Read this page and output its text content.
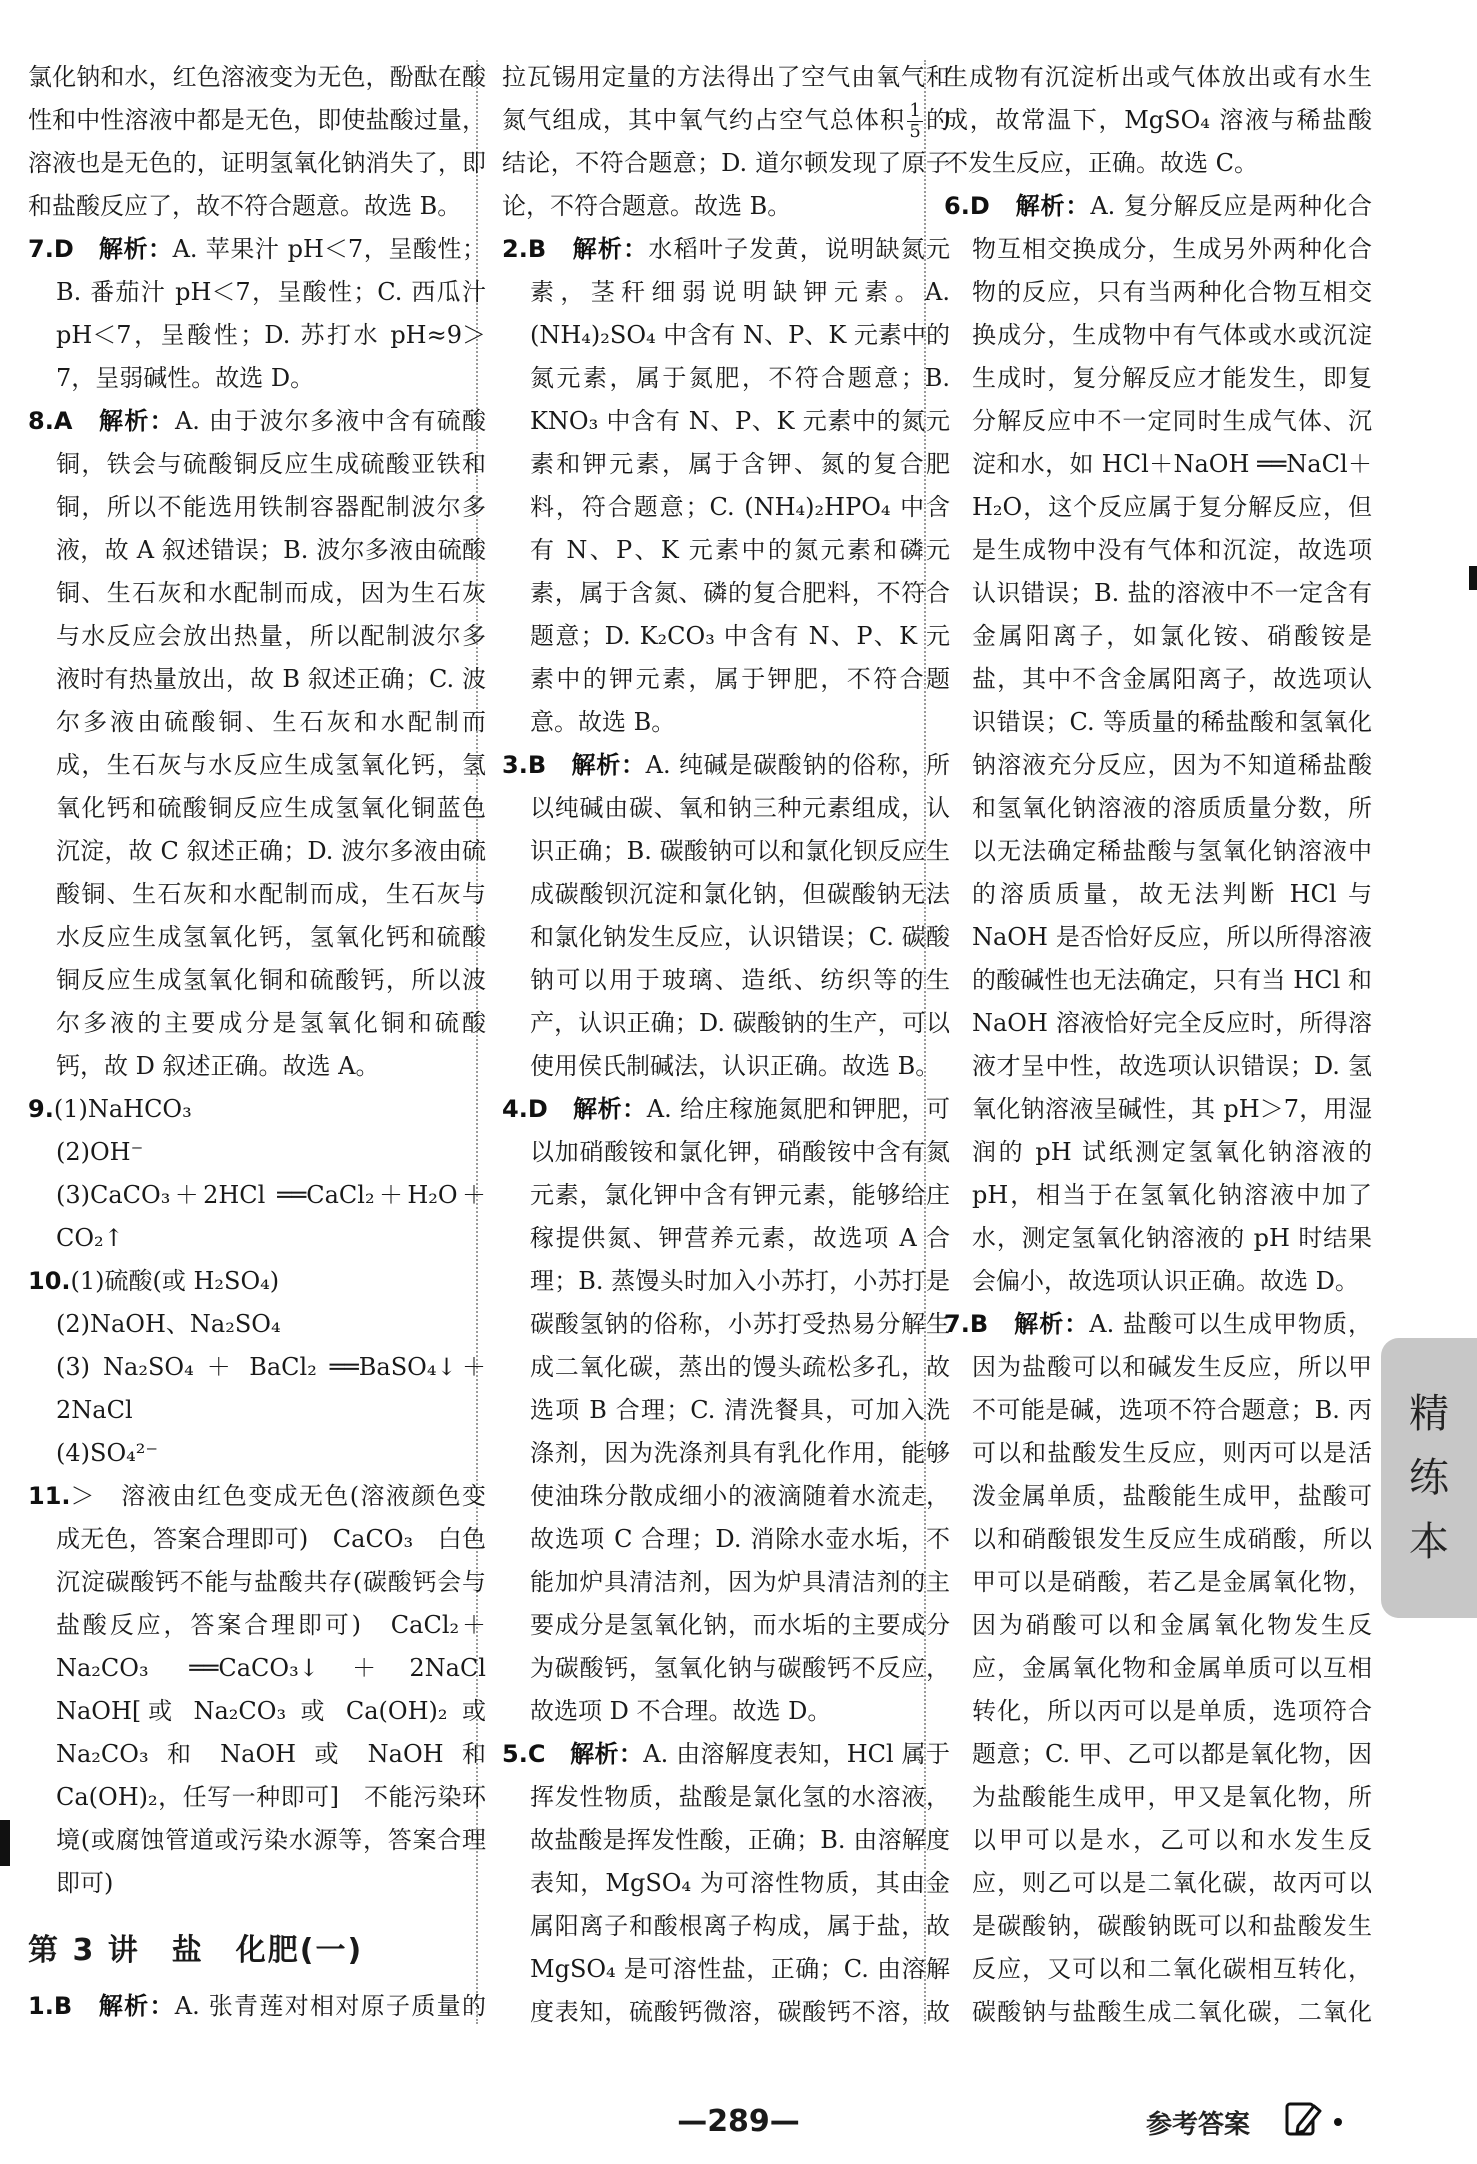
氯化钠和水，红色溶液变为无色，酚酞在酸性和中性溶液中都是无色，即使盐酸过量，溶液也是无色的，证明氢氧化钠消失了，即和盐酸反应了，故不符合题意。故选 B。

7.D　 解析：A. 苹果汁 pH＜7，呈酸性；B. 番茄汁 pH＜7，呈酸性；C. 西瓜汁 pH＜7，呈酸性；D. 苏打水 pH≈9＞7，呈弱碱性。故选 D。

8.A　 解析：A. 由于波尔多液中含有硫酸铜，铁会与硫酸铜反应生成硫酸亚铁和铜，所以不能选用铁制容器配制波尔多液，故 A 叙述错误；B. 波尔多液由硫酸铜、生石灰和水配制而成，因为生石灰与水反应会放出热量，所以配制波尔多液时有热量放出，故 B 叙述正确；C. 波尔多液由硫酸铜、生石灰和水配制而成，生石灰与水反应生成氢氧化钙，氢氧化钙和硫酸铜反应生成氢氧化铜蓝色沉淀，故 C 叙述正确；D. 波尔多液由硫酸铜、生石灰和水配制而成，生石灰与水反应生成氢氧化钙，氢氧化钙和硫酸铜反应生成氢氧化铜和硫酸钙，所以波尔多液的主要成分是氢氧化铜和硫酸钙，故 D 叙述正确。故选 A。

9.(1)NaHCO₃

(2)OH⁻

(3)CaCO₃＋2HCl ══CaCl₂＋H₂O＋CO₂↑

10.(1)硫酸(或 H₂SO₄)

(2)NaOH、Na₂SO₄

(3) Na₂SO₄ ＋ BaCl₂ ══BaSO₄↓＋2NaCl

(4)SO₄²⁻

11.＞　溶液由红色变成无色(溶液颜色变成无色，答案合理即可)　CaCO₃　白色沉淀碳酸钙不能与盐酸共存(碳酸钙会与盐酸反应，答案合理即可)　CaCl₂＋Na₂CO₃ ══CaCO₃↓＋2NaCl　NaOH[或 Na₂CO₃ 或 Ca(OH)₂ 或 Na₂CO₃ 和 NaOH 或 NaOH 和 Ca(OH)₂，任写一种即可]　不能污染环境(或腐蚀管道或污染水源等，答案合理即可)

第 3 讲　盐　化肥(一)

1.B　 解析：A. 张青莲对相对原子质量的

拉瓦锡用定量的方法得出了空气由氧气和氮气组成，其中氧气约占空气总体积 $\frac{1}{5}$ 的结论，不符合题意；D. 道尔顿发现了原子论，不符合题意。故选 B。

2.B　 解析：水稻叶子发黄，说明缺氮元素，茎秆细弱说明缺钾元素。A. (NH₄)₂SO₄ 中含有 N、P、K 元素中的氮元素，属于氮肥，不符合题意；B. KNO₃ 中含有 N、P、K 元素中的氮元素和钾元素，属于含钾、氮的复合肥料，符合题意；C. (NH₄)₂HPO₄ 中含有 N、P、K 元素中的氮元素和磷元素，属于含氮、磷的复合肥料，不符合题意；D. K₂CO₃ 中含有 N、P、K 元素中的钾元素，属于钾肥，不符合题意。故选 B。

3.B　 解析：A. 纯碱是碳酸钠的俗称，所以纯碱由碳、氧和钠三种元素组成，认识正确；B. 碳酸钠可以和氯化钡反应生成碳酸钡沉淀和氯化钠，但碳酸钠无法和氯化钠发生反应，认识错误；C. 碳酸钠可以用于玻璃、造纸、纺织等的生产，认识正确；D. 碳酸钠的生产，可以使用侯氏制碱法，认识正确。故选 B。

4.D　 解析：A. 给庄稼施氮肥和钾肥，可以加硝酸铵和氯化钾，硝酸铵中含有氮元素，氯化钾中含有钾元素，能够给庄稼提供氮、钾营养元素，故选项 A 合理；B. 蒸馒头时加入小苏打，小苏打是碳酸氢钠的俗称，小苏打受热易分解生成二氧化碳，蒸出的馒头疏松多孔，故选项 B 合理；C. 清洗餐具，可加入洗涤剂，因为洗涤剂具有乳化作用，能够使油珠分散成细小的液滴随着水流走，故选项 C 合理；D. 消除水壶水垢，不能加炉具清洁剂，因为炉具清洁剂的主要成分是氢氧化钠，而水垢的主要成分为碳酸钙，氢氧化钠与碳酸钙不反应，故选项 D 不合理。故选 D。

5.C　 解析：A. 由溶解度表知，HCl 属于挥发性物质，盐酸是氯化氢的水溶液，故盐酸是挥发性酸，正确；B. 由溶解度表知，MgSO₄ 为可溶性物质，其由金属阳离子和酸根离子构成，属于盐，故 MgSO₄ 是可溶性盐，正确；C. 由溶解度表知，硫酸钙微溶，碳酸钙不溶，故

生成物有沉淀析出或气体放出或有水生成，故常温下，MgSO₄ 溶液与稀盐酸不发生反应，正确。故选 C。

6.D　 解析：A. 复分解反应是两种化合物互相交换成分，生成另外两种化合物的反应，只有当两种化合物互相交换成分，生成物中有气体或水或沉淀生成时，复分解反应才能发生，即复分解反应中不一定同时生成气体、沉淀和水，如 HCl＋NaOH ══NaCl＋H₂O，这个反应属于复分解反应，但是生成物中没有气体和沉淀，故选项认识错误；B. 盐的溶液中不一定含有金属阳离子，如氯化铵、硝酸铵是盐，其中不含金属阳离子，故选项认识错误；C. 等质量的稀盐酸和氢氧化钠溶液充分反应，因为不知道稀盐酸和氢氧化钠溶液的溶质质量分数，所以无法确定稀盐酸与氢氧化钠溶液中的溶质质量，故无法判断 HCl 与 NaOH 是否恰好反应，所以所得溶液的酸碱性也无法确定，只有当 HCl 和 NaOH 溶液恰好完全反应时，所得溶液才呈中性，故选项认识错误；D. 氢氧化钠溶液呈碱性，其 pH＞7，用湿润的 pH 试纸测定氢氧化钠溶液的 pH，相当于在氢氧化钠溶液中加了水，测定氢氧化钠溶液的 pH 时结果会偏小，故选项认识正确。故选 D。

7.B　 解析：A. 盐酸可以生成甲物质，因为盐酸可以和碱发生反应，所以甲不可能是碱，选项不符合题意；B. 丙可以和盐酸发生反应，则丙可以是活泼金属单质，盐酸能生成甲，盐酸可以和硝酸银发生反应生成硝酸，所以甲可以是硝酸，若乙是金属氧化物，因为硝酸可以和金属氧化物发生反应，金属氧化物和金属单质可以互相转化，所以丙可以是单质，选项符合题意；C. 甲、乙可以都是氧化物，因为盐酸能生成甲，甲又是氧化物，所以甲可以是水，乙可以和水发生反应，则乙可以是二氧化碳，故丙可以是碳酸钠，碳酸钠既可以和盐酸发生反应，又可以和二氧化碳相互转化，碳酸钠与盐酸生成二氧化碳，二氧化

精
练
本
—289—	参考答案
